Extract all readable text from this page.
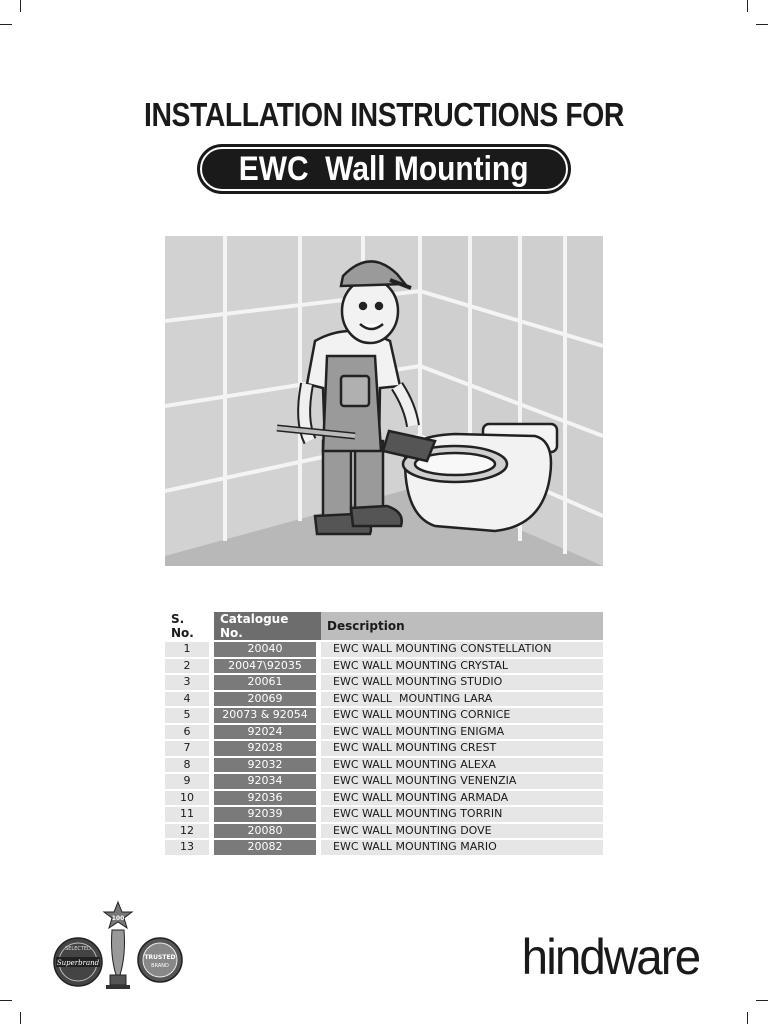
INSTALLATION INSTRUCTIONS FOR
EWC  Wall Mounting
S. No.	Catalogue No.	Description
1	20040	EWC WALL MOUNTING CONSTELLATION
2	20047\92035	EWC WALL MOUNTING CRYSTAL
3	20061	EWC WALL MOUNTING STUDIO
4	20069	EWC WALL  MOUNTING LARA
5	20073 & 92054	EWC WALL MOUNTING CORNICE
6	92024	EWC WALL MOUNTING ENIGMA
7	92028	EWC WALL MOUNTING CREST
8	92032	EWC WALL MOUNTING ALEXA
9	92034	EWC WALL MOUNTING VENENZIA
10	92036	EWC WALL MOUNTING ARMADA
11	92039	EWC WALL MOUNTING TORRIN
12	20080	EWC WALL MOUNTING DOVE
13	20082	EWC WALL MOUNTING MARIO
SELECTED
Superbrand
100
TRUSTED
BRAND	hindware
